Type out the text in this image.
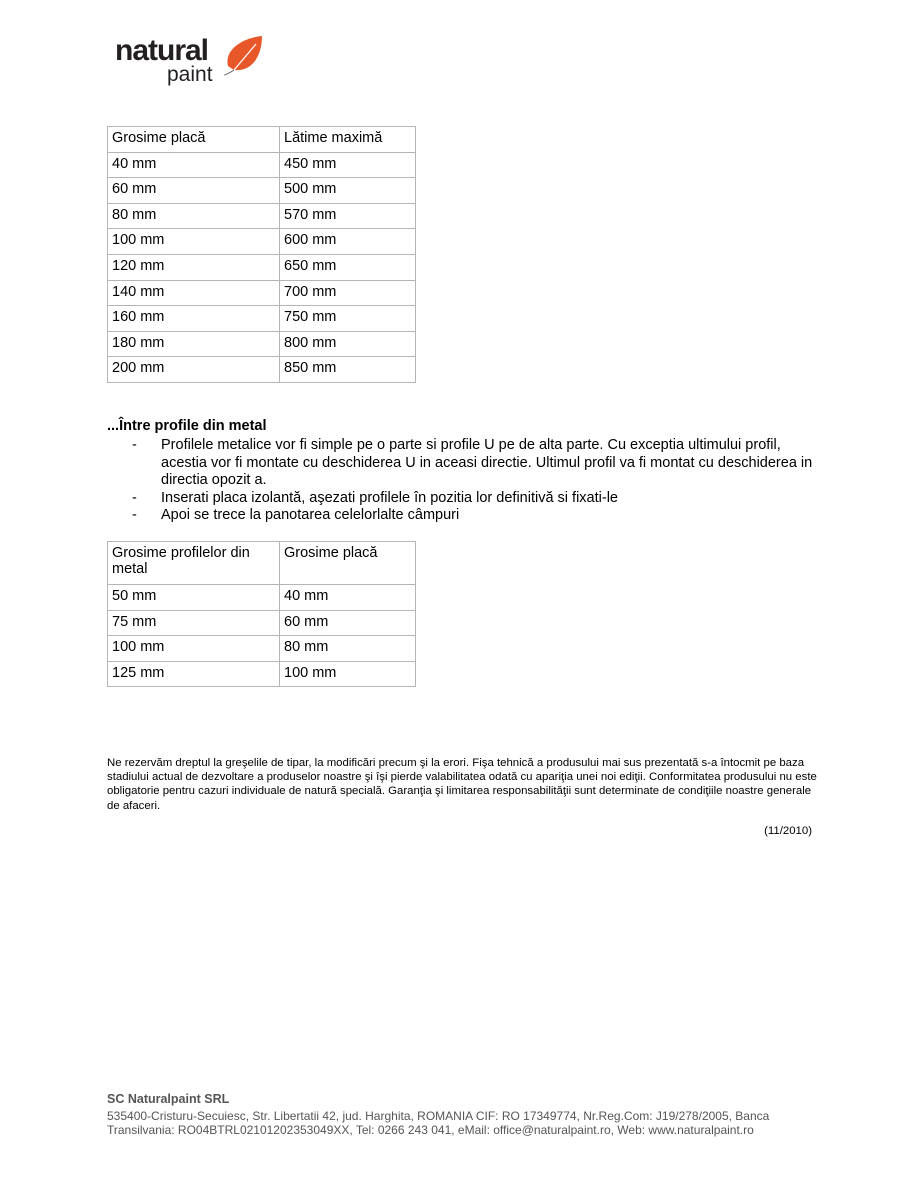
natural
paint
Grosime placă	Lătime maximă
40 mm	450 mm
60 mm	500 mm
80 mm	570 mm
100 mm	600 mm
120 mm	650 mm
140 mm	700 mm
160 mm	750 mm
180 mm	800 mm
200 mm	850 mm
...Între profile din metal
- Profilele metalice vor fi simple pe o parte si profile U pe de alta parte. Cu exceptia ultimului profil, acestia vor fi montate cu deschiderea U in aceasi directie. Ultimul profil va fi montat cu deschiderea in directia opozit a.
- Inserati placa izolantă, aşezati profilele în pozitia lor definitivă si fixati-le
- Apoi se trece la panotarea celelorlalte câmpuri
Grosime profilelor din metal	Grosime placă
50 mm	40 mm
75 mm	60 mm
100 mm	80 mm
125 mm	100 mm
Ne rezervăm dreptul la greşelile de tipar, la modificări precum şi la erori. Fişa tehnică a produsului mai sus prezentată s-a întocmit pe baza stadiului actual de dezvoltare a produselor noastre şi îşi pierde valabilitatea odată cu apariţia unei noi ediţii. Conformitatea produsului nu este obligatorie pentru cazuri individuale de natură specială. Garanţia şi limitarea responsabilităţii sunt determinate de condiţiile noastre generale de afaceri.
(11/2010)
SC Naturalpaint SRL
535400-Cristuru-Secuiesc, Str. Libertatii 42, jud. Harghita, ROMANIA CIF: RO 17349774, Nr.Reg.Com: J19/278/2005, Banca
Transilvania: RO04BTRL02101202353049XX, Tel: 0266 243 041, eMail: office@naturalpaint.ro, Web: www.naturalpaint.ro
